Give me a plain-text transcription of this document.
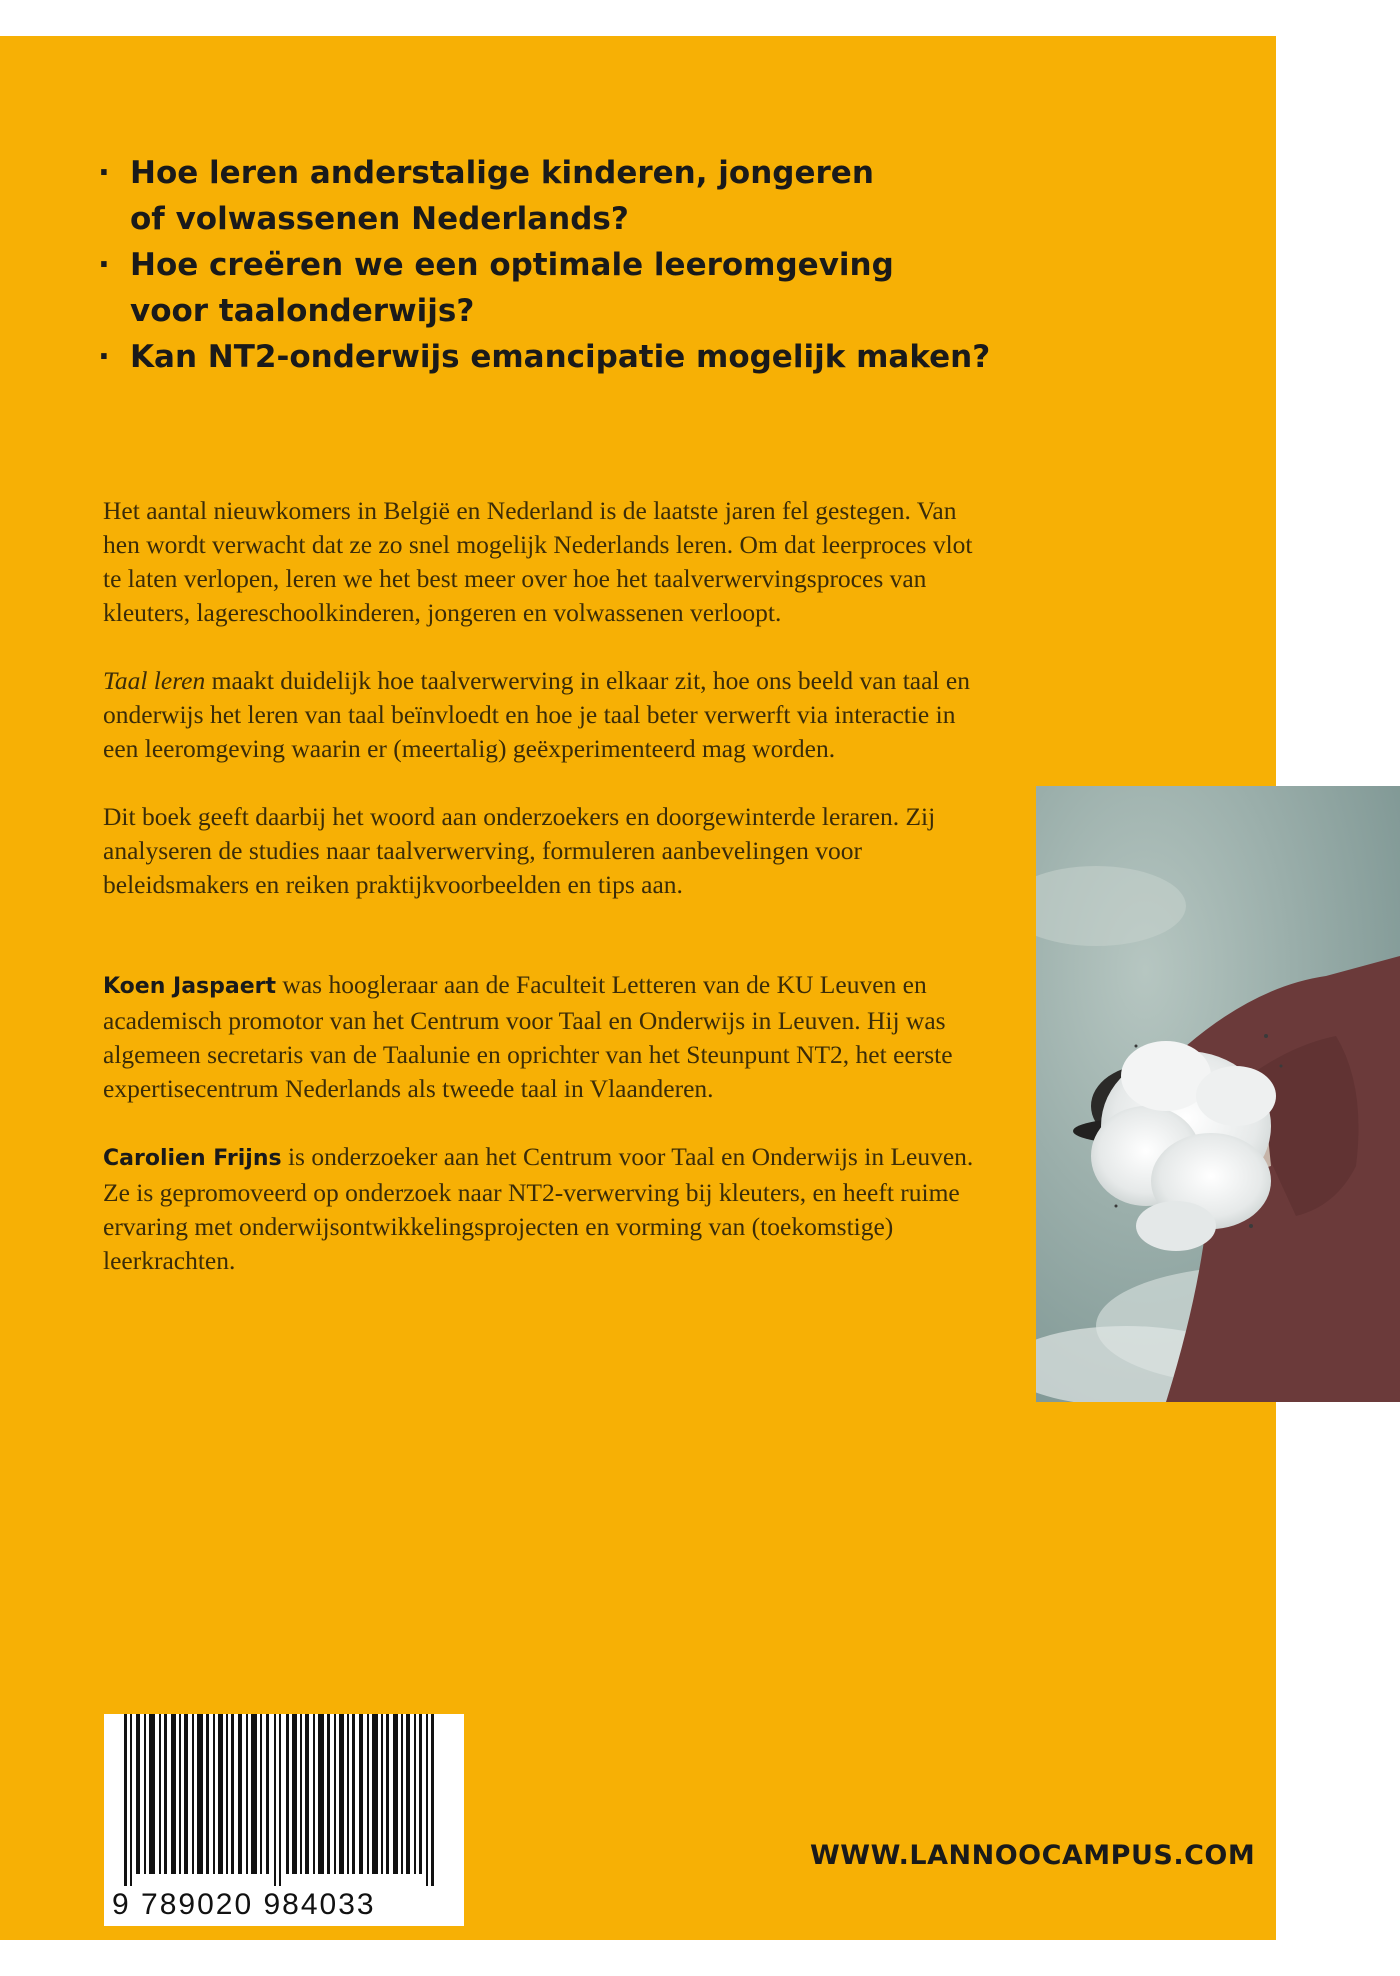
· Hoe leren anderstalige kinderen, jongeren
of volwassenen Nederlands?
· Hoe creëren we een optimale leeromgeving
voor taalonderwijs?
· Kan NT2-onderwijs emancipatie mogelijk maken?

Het aantal nieuwkomers in België en Nederland is de laatste jaren fel gestegen. Van hen wordt verwacht dat ze zo snel mogelijk Nederlands leren. Om dat leerproces vlot te laten verlopen, leren we het best meer over hoe het taalverwervingsproces van kleuters, lagereschoolkinderen, jongeren en volwassenen verloopt.

Taal leren maakt duidelijk hoe taalverwerving in elkaar zit, hoe ons beeld van taal en onderwijs het leren van taal beïnvloedt en hoe je taal beter verwerft via interactie in een leeromgeving waarin er (meertalig) geëxperimenteerd mag worden.

Dit boek geeft daarbij het woord aan onderzoekers en doorgewinterde leraren. Zij analyseren de studies naar taalverwerving, formuleren aanbevelingen voor beleidsmakers en reiken praktijkvoorbeelden en tips aan.

Koen Jaspaert was hoogleraar aan de Faculteit Letteren van de KU Leuven en academisch promotor van het Centrum voor Taal en Onderwijs in Leuven. Hij was algemeen secretaris van de Taalunie en oprichter van het Steunpunt NT2, het eerste expertisecentrum Nederlands als tweede taal in Vlaanderen.

Carolien Frijns is onderzoeker aan het Centrum voor Taal en Onderwijs in Leuven. Ze is gepromoveerd op onderzoek naar NT2-verwerving bij kleuters, en heeft ruime ervaring met onderwijsontwikkelingsprojecten en vorming van (toekomstige) leerkrachten.

9 789020 984033
WWW.LANNOOCAMPUS.COM
